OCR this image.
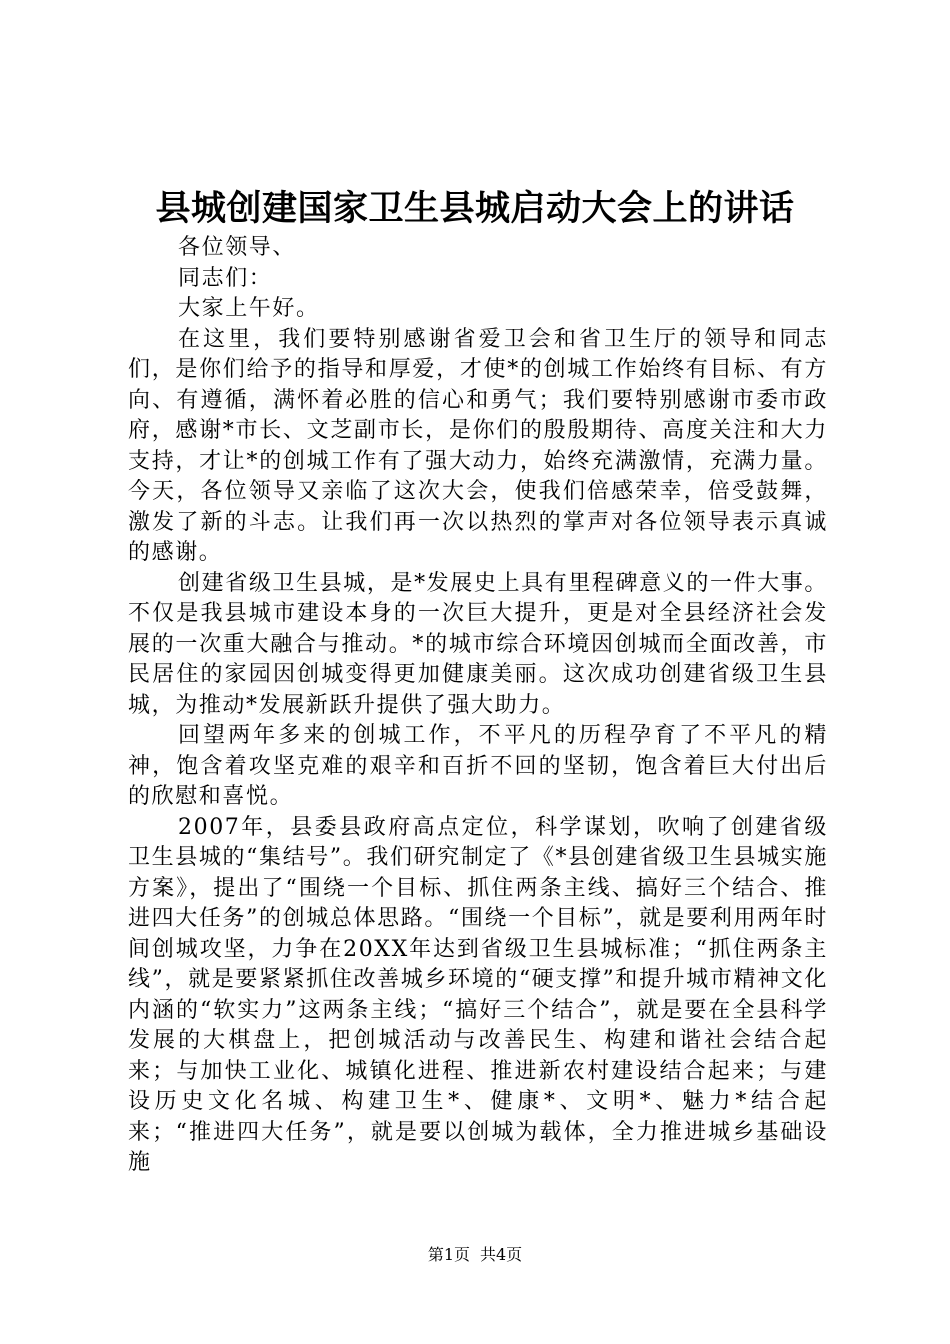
县城创建国家卫生县城启动大会上的讲话

各位领导、

同志们：

大家上午好。

在这里，我们要特别感谢省爱卫会和省卫生厅的领导和同志们，是你们给予的指导和厚爱，才使*的创城工作始终有目标、有方向、有遵循，满怀着必胜的信心和勇气；我们要特别感谢市委市政府，感谢*市长、文芝副市长，是你们的殷殷期待、高度关注和大力支持，才让*的创城工作有了强大动力，始终充满激情，充满力量。今天，各位领导又亲临了这次大会，使我们倍感荣幸，倍受鼓舞，激发了新的斗志。让我们再一次以热烈的掌声对各位领导表示真诚的感谢。

创建省级卫生县城，是*发展史上具有里程碑意义的一件大事。不仅是我县城市建设本身的一次巨大提升，更是对全县经济社会发展的一次重大融合与推动。*的城市综合环境因创城而全面改善，市民居住的家园因创城变得更加健康美丽。这次成功创建省级卫生县城，为推动*发展新跃升提供了强大助力。

回望两年多来的创城工作，不平凡的历程孕育了不平凡的精神，饱含着攻坚克难的艰辛和百折不回的坚韧，饱含着巨大付出后的欣慰和喜悦。

2007年，县委县政府高点定位，科学谋划，吹响了创建省级卫生县城的“集结号”。我们研究制定了《*县创建省级卫生县城实施方案》，提出了“围绕一个目标、抓住两条主线、搞好三个结合、推进四大任务”的创城总体思路。“围绕一个目标”，就是要利用两年时间创城攻坚，力争在20XX年达到省级卫生县城标准；“抓住两条主线”，就是要紧紧抓住改善城乡环境的“硬支撑”和提升城市精神文化内涵的“软实力”这两条主线；“搞好三个结合”，就是要在全县科学发展的大棋盘上，把创城活动与改善民生、构建和谐社会结合起来；与加快工业化、城镇化进程、推进新农村建设结合起来；与建设历史文化名城、构建卫生*、健康*、文明*、魅力*结合起来；“推进四大任务”，就是要以创城为载体，全力推进城乡基础设施

第1页 共4页
